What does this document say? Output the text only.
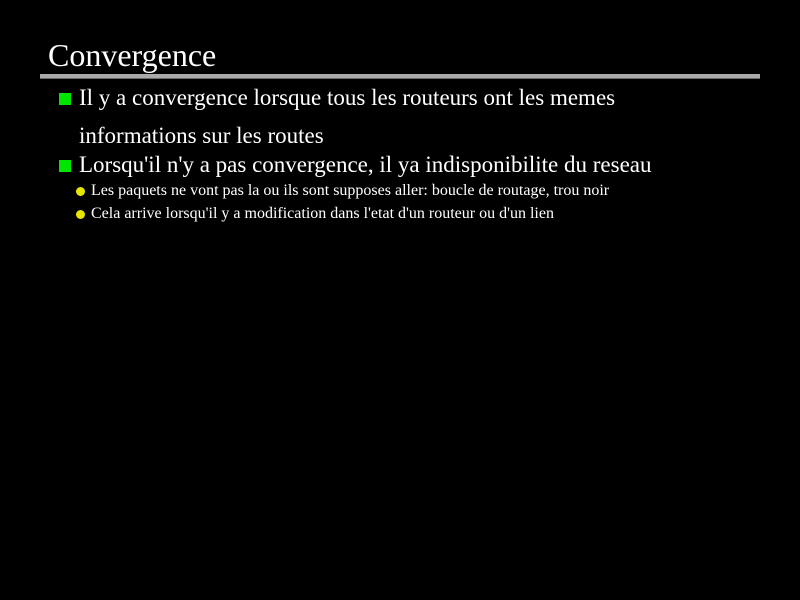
Convergence
Il y a convergence lorsque tous les routeurs ont les memes
informations sur les routes
Lorsqu'il n'y a pas convergence, il ya indisponibilite du reseau
Les paquets ne vont pas la ou ils sont supposes aller: boucle de routage, trou noir
Cela arrive lorsqu'il y a modification dans l'etat d'un routeur ou d'un lien
